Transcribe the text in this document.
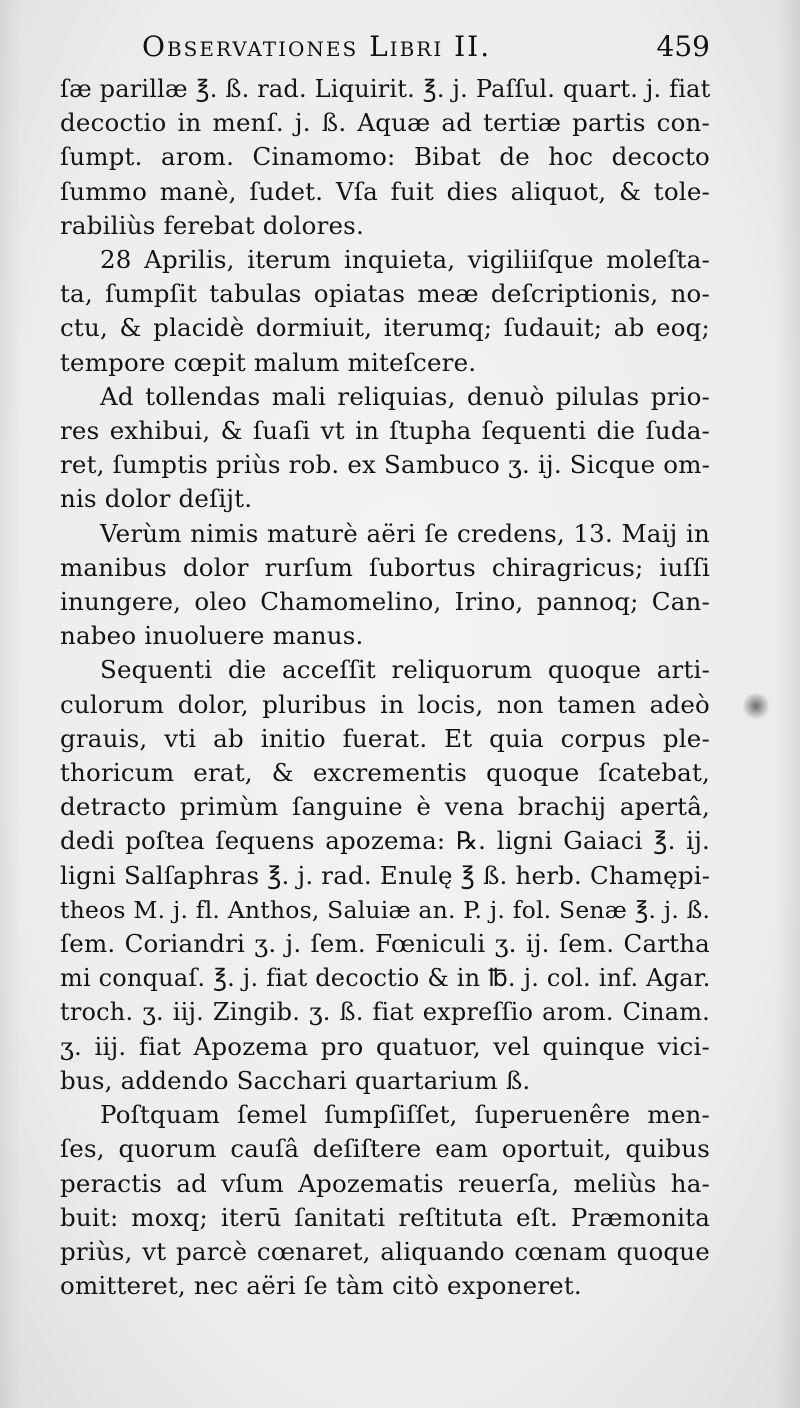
Observationes Libri II.	459
ſæ parillæ ℥. ß. rad. Liquirit. ℥. j. Paſſul. quart. j. fiat
decoctio in menſ. j. ß. Aquæ ad tertiæ partis con-
ſumpt. arom. Cinamomo: Bibat de hoc decocto
ſummo manè, ſudet. Vſa fuit dies aliquot, & tole-
rabiliùs ferebat dolores.
28 Aprilis, iterum inquieta, vigiliiſque moleſta-
ta, ſumpſit tabulas opiatas meæ deſcriptionis, no-
ctu, & placidè dormiuit, iterumq; ſudauit; ab eoq;
tempore cœpit malum miteſcere.
Ad tollendas mali reliquias, denuò pilulas prio-
res exhibui, & ſuaſi vt in ſtupha ſequenti die ſuda-
ret, ſumptis priùs rob. ex Sambuco ʒ. ij. Sicque om-
nis dolor deſijt.
Verùm nimis maturè aëri ſe credens, 13. Maij in
manibus dolor rurſum ſubortus chiragricus; iuſſi
inungere, oleo Chamomelino, Irino, pannoq; Can-
nabeo inuoluere manus.
Sequenti die acceſſit reliquorum quoque arti-
culorum dolor, pluribus in locis, non tamen adeò
grauis, vti ab initio fuerat. Et quia corpus ple-
thoricum erat, & excrementis quoque ſcatebat,
detracto primùm ſanguine è vena brachij apertâ,
dedi poſtea ſequens apozema: ℞. ligni Gaiaci ℥. ij.
ligni Salſaphras ℥. j. rad. Enulę ℥ ß. herb. Chamępi-
theos M. j. fl. Anthos, Saluiæ an. P. j. fol. Senæ ℥. j. ß.
ſem. Coriandri ʒ. j. ſem. Fœniculi ʒ. ij. ſem. Cartha
mi conquaſ. ℥. j. fiat decoctio & in ℔. j. col. inf. Agar.
troch. ʒ. iij. Zingib. ʒ. ß. fiat expreſſio arom. Cinam.
ʒ. iij. fiat Apozema pro quatuor, vel quinque vici-
bus, addendo Sacchari quartarium ß.
Poſtquam ſemel ſumpſiſſet, ſuperuenêre men-
ſes, quorum cauſâ deſiſtere eam oportuit, quibus
peractis ad vſum Apozematis reuerſa, meliùs ha-
buit: moxq; iterū ſanitati reſtituta eſt. Præmonita
priùs, vt parcè cœnaret, aliquando cœnam quoque
omitteret, nec aëri ſe tàm citò exponeret.
